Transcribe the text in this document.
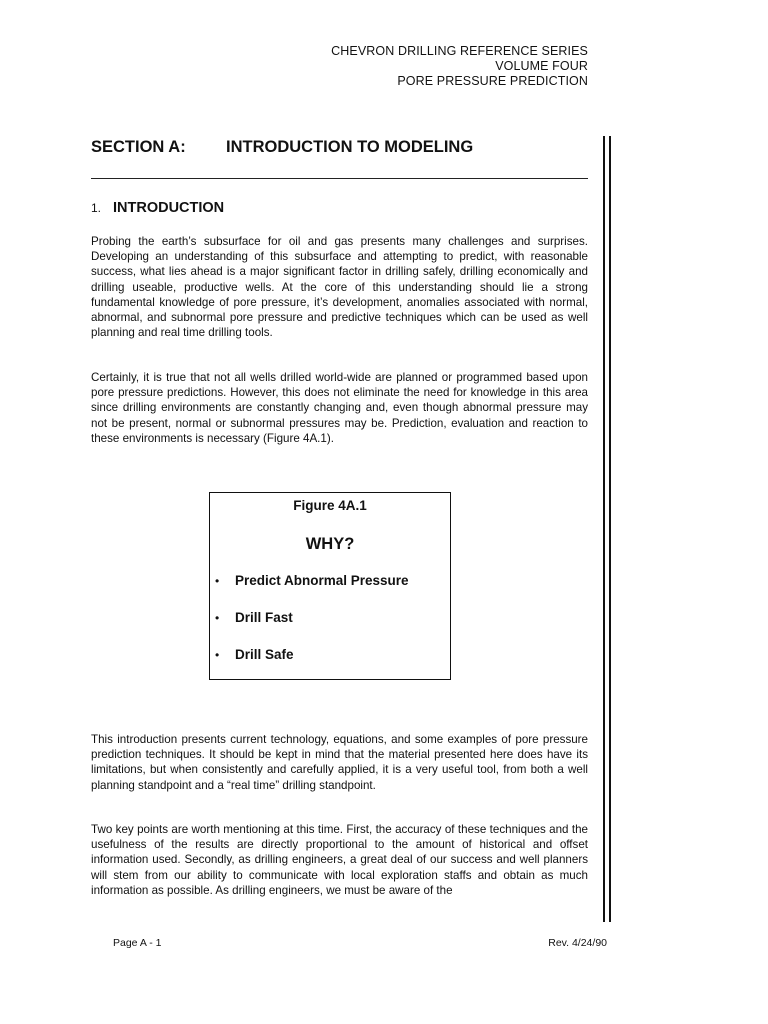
CHEVRON DRILLING REFERENCE SERIES
VOLUME FOUR
PORE PRESSURE PREDICTION
SECTION A: INTRODUCTION TO MODELING
1. INTRODUCTION

Probing the earth’s subsurface for oil and gas presents many challenges and surprises. Developing an understanding of this subsurface and attempting to predict, with reasonable success, what lies ahead is a major significant factor in drilling safely, drilling economically and drilling useable, productive wells. At the core of this understanding should lie a strong fundamental knowledge of pore pressure, it’s development, anomalies associated with normal, abnormal, and subnormal pore pressure and predictive techniques which can be used as well planning and real time drilling tools.

Certainly, it is true that not all wells drilled world-wide are planned or programmed based upon pore pressure predictions. However, this does not eliminate the need for knowledge in this area since drilling environments are constantly changing and, even though abnormal pressure may not be present, normal or subnormal pressures may be. Prediction, evaluation and reaction to these environments is necessary (Figure 4A.1).

Figure 4A.1
WHY?
• Predict Abnormal Pressure
• Drill Fast
• Drill Safe

This introduction presents current technology, equations, and some examples of pore pressure prediction techniques. It should be kept in mind that the material presented here does have its limitations, but when consistently and carefully applied, it is a very useful tool, from both a well planning standpoint and a “real time” drilling standpoint.

Two key points are worth mentioning at this time. First, the accuracy of these techniques and the usefulness of the results are directly proportional to the amount of historical and offset information used. Secondly, as drilling engineers, a great deal of our success and well planners will stem from our ability to communicate with local exploration staffs and obtain as much information as possible. As drilling engineers, we must be aware of the

Page A - 1	Rev. 4/24/90
